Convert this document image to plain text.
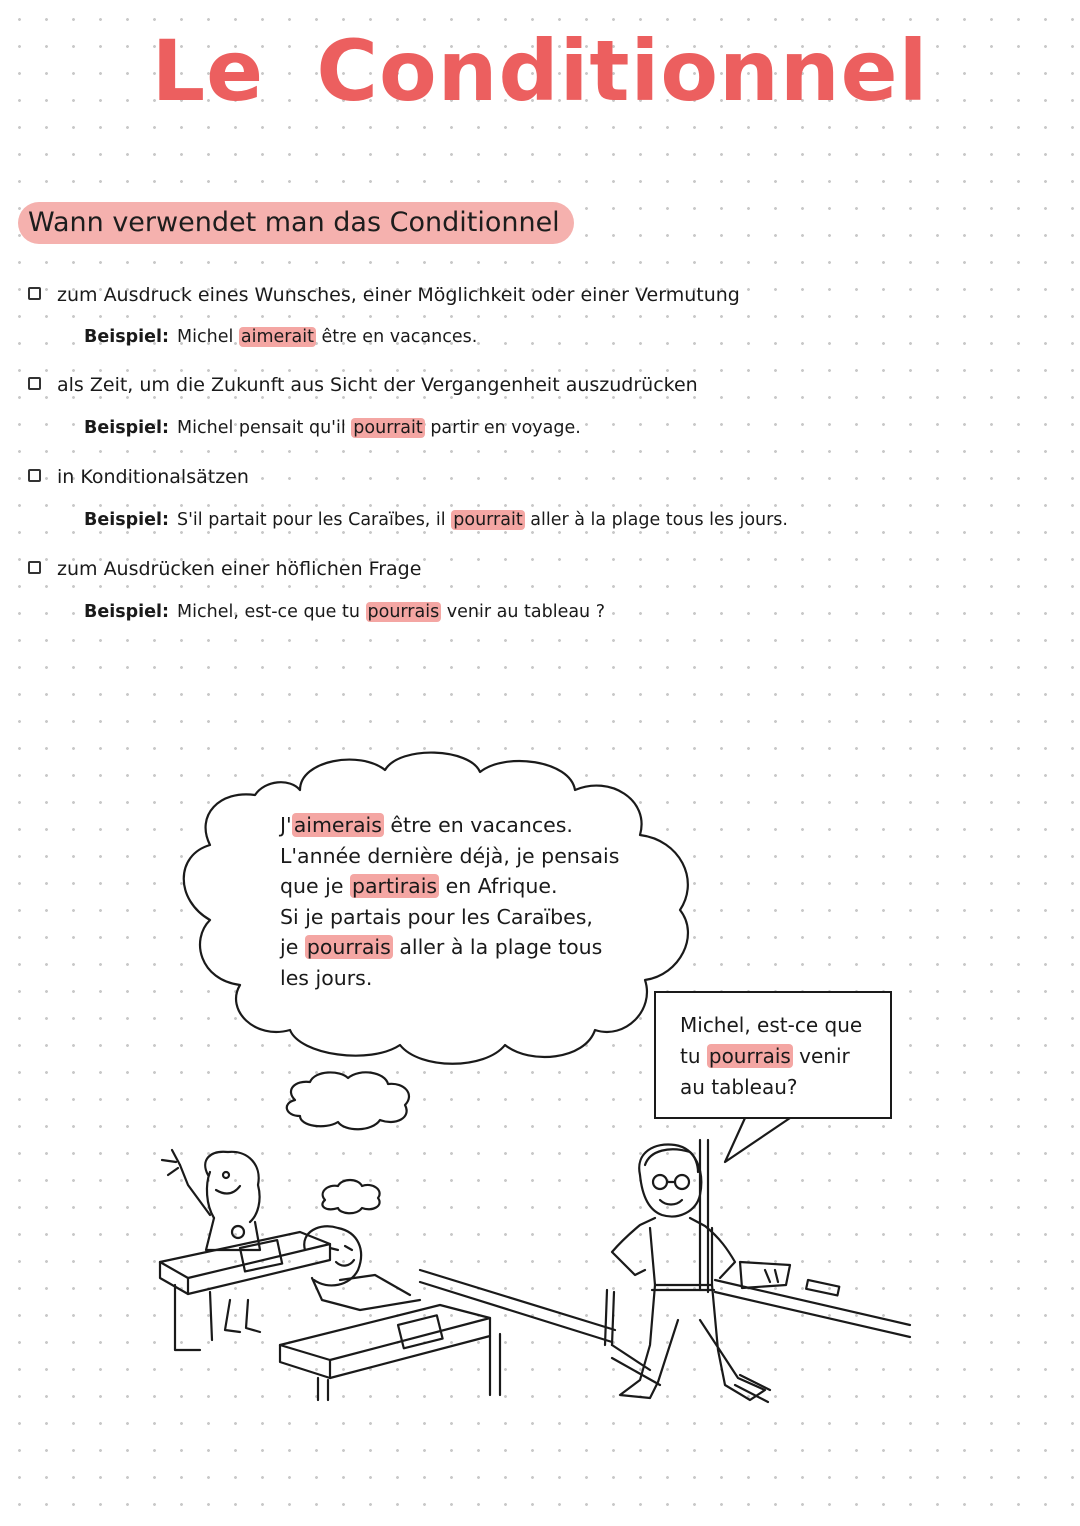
Le Conditionnel
Wann verwendet man das Conditionnel
zum Ausdruck eines Wunsches, einer Möglichkeit oder einer Vermutung
Beispiel: Michel aimerait être en vacances.
als Zeit, um die Zukunft aus Sicht der Vergangenheit auszudrücken
Beispiel: Michel pensait qu'il pourrait partir en voyage.
in Konditionalsätzen
Beispiel: S'il partait pour les Caraïbes, il pourrait aller à la plage tous les jours.
zum Ausdrücken einer höflichen Frage
Beispiel: Michel, est-ce que tu pourrais venir au tableau ?
J'aimerais être en vacances.
L'année dernière déjà, je pensais
que je partirais en Afrique.
Si je partais pour les Caraïbes,
je pourrais aller à la plage tous
les jours.
Michel, est-ce que
tu pourrais venir
au tableau?
